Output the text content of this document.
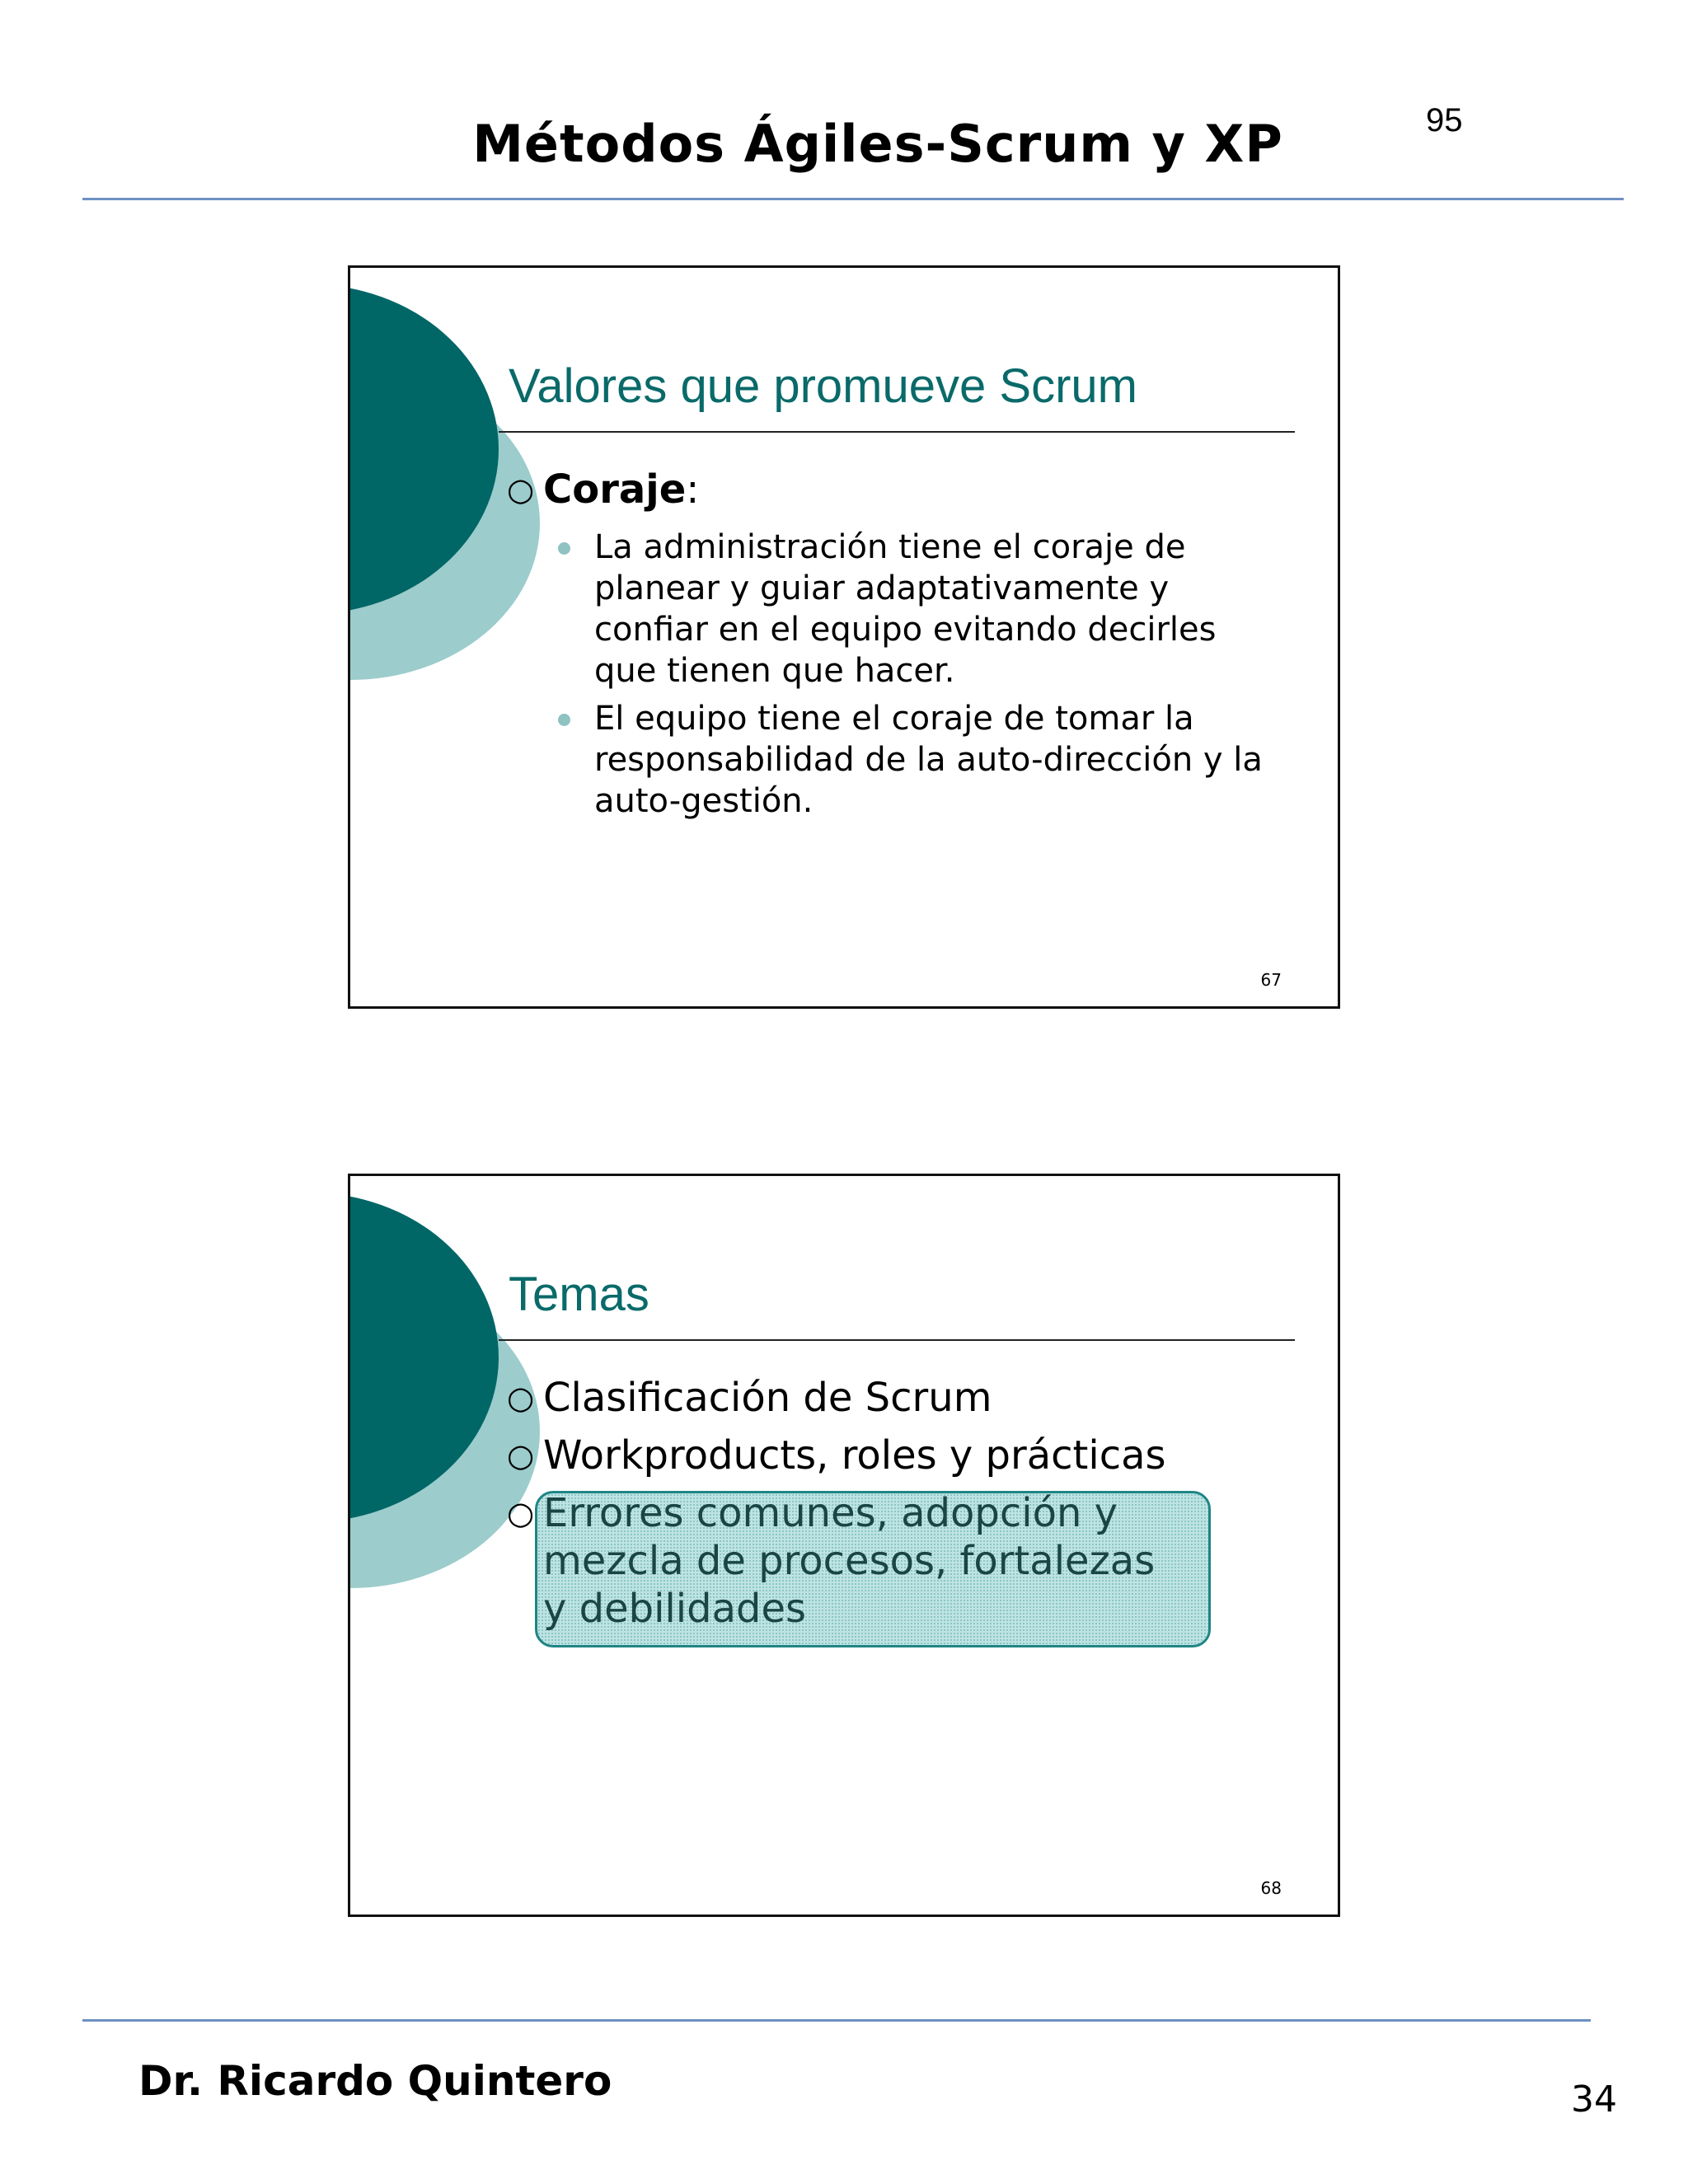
Métodos Ágiles-Scrum y XP	95
Valores que promueve Scrum
○ Coraje:
La administración tiene el coraje de planear y guiar adaptativamente y confiar en el equipo evitando decirles que tienen que hacer.
El equipo tiene el coraje de tomar la responsabilidad de la auto-dirección y la auto-gestión.
67
Temas
○ Clasificación de Scrum
○ Workproducts, roles y prácticas
○ Errores comunes, adopción y mezcla de procesos, fortalezas y debilidades
68
Dr. Ricardo Quintero	34
